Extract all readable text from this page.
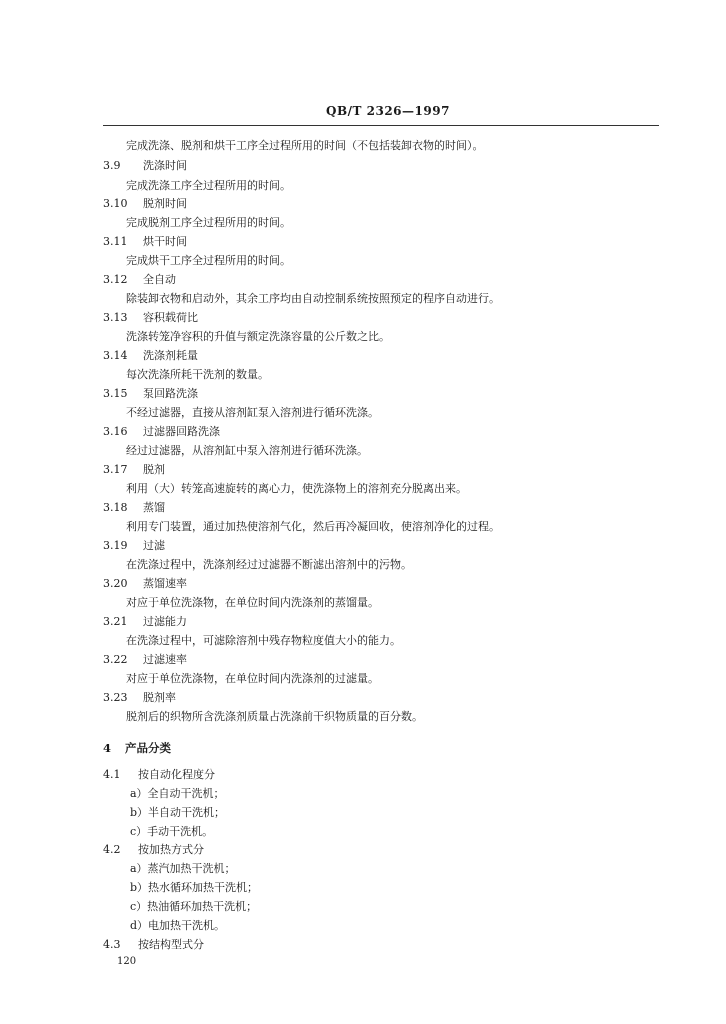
QB/T 2326—1997
完成洗涤、脱剂和烘干工序全过程所用的时间（不包括装卸衣物的时间）。
3.9 洗涤时间
完成洗涤工序全过程所用的时间。
3.10 脱剂时间
完成脱剂工序全过程所用的时间。
3.11 烘干时间
完成烘干工序全过程所用的时间。
3.12 全自动
除装卸衣物和启动外，其余工序均由自动控制系统按照预定的程序自动进行。
3.13 容积载荷比
洗涤转笼净容积的升值与额定洗涤容量的公斤数之比。
3.14 洗涤剂耗量
每次洗涤所耗干洗剂的数量。
3.15 泵回路洗涤
不经过滤器，直接从溶剂缸泵入溶剂进行循环洗涤。
3.16 过滤器回路洗涤
经过过滤器，从溶剂缸中泵入溶剂进行循环洗涤。
3.17 脱剂
利用（大）转笼高速旋转的离心力，使洗涤物上的溶剂充分脱离出来。
3.18 蒸馏
利用专门装置，通过加热使溶剂气化，然后再冷凝回收，使溶剂净化的过程。
3.19 过滤
在洗涤过程中，洗涤剂经过过滤器不断滤出溶剂中的污物。
3.20 蒸馏速率
对应于单位洗涤物，在单位时间内洗涤剂的蒸馏量。
3.21 过滤能力
在洗涤过程中，可滤除溶剂中残存物粒度值大小的能力。
3.22 过滤速率
对应于单位洗涤物，在单位时间内洗涤剂的过滤量。
3.23 脱剂率
脱剂后的织物所含洗涤剂质量占洗涤前干织物质量的百分数。
4 产品分类
4.1 按自动化程度分
a）全自动干洗机；
b）半自动干洗机；
c）手动干洗机。
4.2 按加热方式分
a）蒸汽加热干洗机；
b）热水循环加热干洗机；
c）热油循环加热干洗机；
d）电加热干洗机。
4.3 按结构型式分
120
